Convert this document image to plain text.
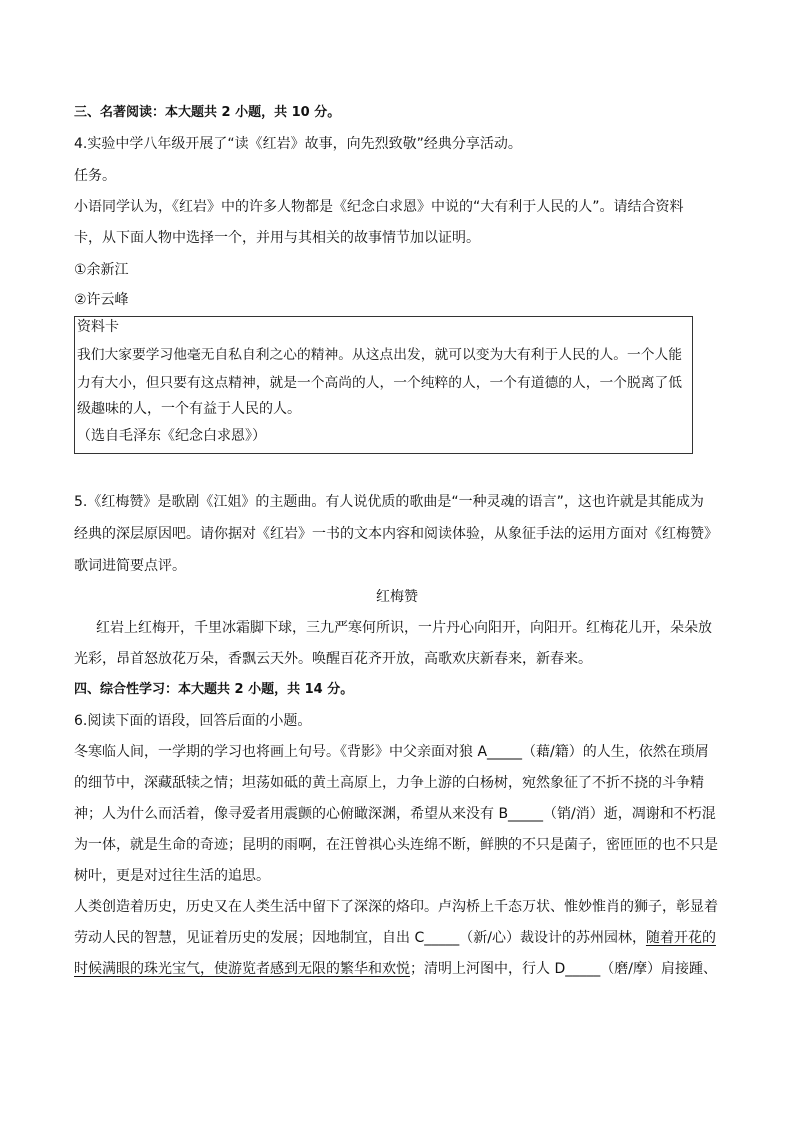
三、名著阅读：本大题共 2 小题，共 10 分。
4.实验中学八年级开展了“读《红岩》故事，向先烈致敬”经典分享活动。
任务。
小语同学认为，《红岩》中的许多人物都是《纪念白求恩》中说的“大有利于人民的人”。请结合资料
卡，从下面人物中选择一个，并用与其相关的故事情节加以证明。
①余新江
②许云峰
资料卡
我们大家要学习他毫无自私自利之心的精神。从这点出发，就可以变为大有利于人民的人。一个人能
力有大小，但只要有这点精神，就是一个高尚的人，一个纯粹的人，一个有道德的人，一个脱离了低
级趣味的人，一个有益于人民的人。
（选自毛泽东《纪念白求恩》）
5.《红梅赞》是歌剧《江姐》的主题曲。有人说优质的歌曲是“一种灵魂的语言”，这也许就是其能成为
经典的深层原因吧。请你据对《红岩》一书的文本内容和阅读体验，从象征手法的运用方面对《红梅赞》
歌词进简要点评。
红梅赞
红岩上红梅开，千里冰霜脚下球，三九严寒何所识，一片丹心向阳开，向阳开。红梅花儿开，朵朵放
光彩，昂首怒放花万朵，香飘云天外。唤醒百花齐开放，高歌欢庆新春来，新春来。
四、综合性学习：本大题共 2 小题，共 14 分。
6.阅读下面的语段，回答后面的小题。
冬寒临人间，一学期的学习也将画上句号。《背影》中父亲面对狼 A_____（藉/籍）的人生，依然在琐屑
的细节中，深藏舐犊之情；坦荡如砥的黄土高原上，力争上游的白杨树，宛然象征了不折不挠的斗争精
神；人为什么而活着，像寻爱者用震颤的心俯瞰深渊，希望从来没有 B_____（销/消）逝，凋谢和不朽混
为一体，就是生命的奇迹；昆明的雨啊，在汪曾祺心头连绵不断，鲜腴的不只是菌子，密匝匝的也不只是
树叶，更是对过往生活的追思。
人类创造着历史，历史又在人类生活中留下了深深的烙印。卢沟桥上千态万状、惟妙惟肖的狮子，彰显着
劳动人民的智慧，见证着历史的发展；因地制宜，自出 C_____（新/心）裁设计的苏州园林，随着开花的
时候满眼的珠光宝气，使游览者感到无限的繁华和欢悦；清明上河图中，行人 D_____（磨/摩）肩接踵、
